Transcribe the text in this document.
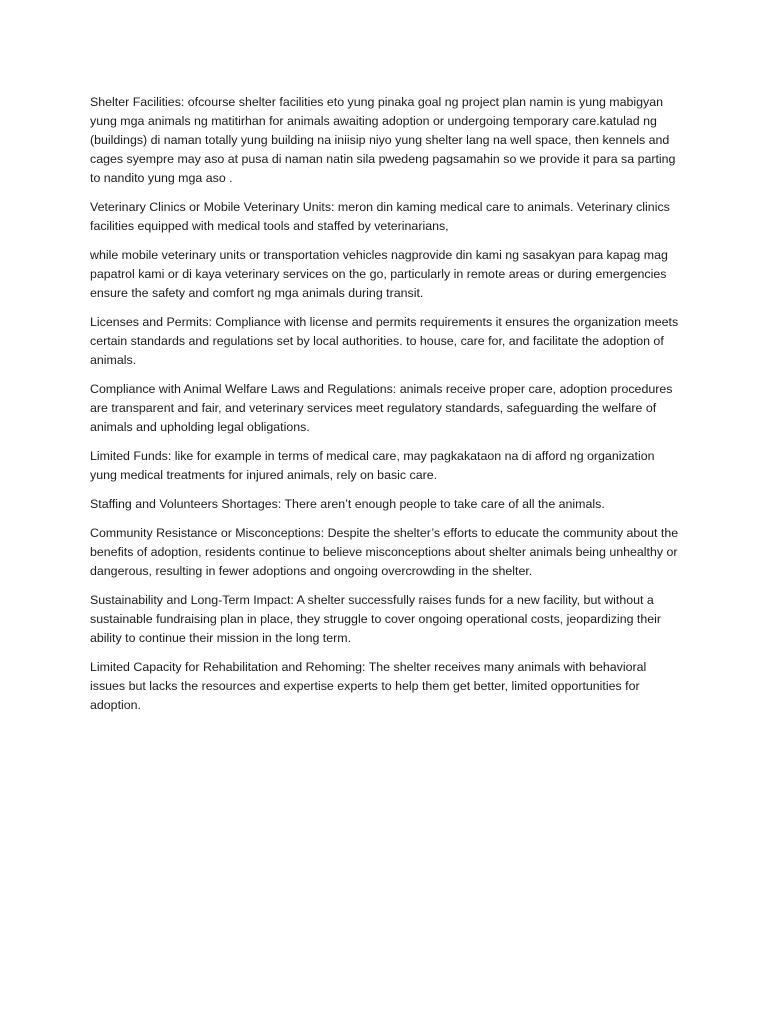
Shelter Facilities: ofcourse shelter facilities eto yung pinaka goal ng project plan namin is yung mabigyan yung mga animals ng matitirhan for animals awaiting adoption or undergoing temporary care.katulad ng (buildings) di naman totally yung building na iniisip niyo yung shelter lang na well space, then kennels and cages syempre may aso at pusa di naman natin sila pwedeng pagsamahin so we provide it para sa parting to nandito yung mga aso .

Veterinary Clinics or Mobile Veterinary Units: meron din kaming medical care to animals. Veterinary clinics facilities equipped with medical tools and staffed by veterinarians,

while mobile veterinary units or transportation vehicles nagprovide din kami ng sasakyan para kapag mag papatrol kami or di kaya veterinary services on the go, particularly in remote areas or during emergencies ensure the safety and comfort ng mga animals during transit.

Licenses and Permits: Compliance with license and permits requirements it ensures the organization meets certain standards and regulations set by local authorities. to house, care for, and facilitate the adoption of animals.

Compliance with Animal Welfare Laws and Regulations: animals receive proper care, adoption procedures are transparent and fair, and veterinary services meet regulatory standards, safeguarding the welfare of animals and upholding legal obligations.

Limited Funds: like for example in terms of medical care, may pagkakataon na di afford ng organization yung medical treatments for injured animals, rely on basic care.

Staffing and Volunteers Shortages: There aren’t enough people to take care of all the animals.

Community Resistance or Misconceptions: Despite the shelter’s efforts to educate the community about the benefits of adoption, residents continue to believe misconceptions about shelter animals being unhealthy or dangerous, resulting in fewer adoptions and ongoing overcrowding in the shelter.

Sustainability and Long-Term Impact: A shelter successfully raises funds for a new facility, but without a sustainable fundraising plan in place, they struggle to cover ongoing operational costs, jeopardizing their ability to continue their mission in the long term.

Limited Capacity for Rehabilitation and Rehoming: The shelter receives many animals with behavioral issues but lacks the resources and expertise experts to help them get better, limited opportunities for adoption.
